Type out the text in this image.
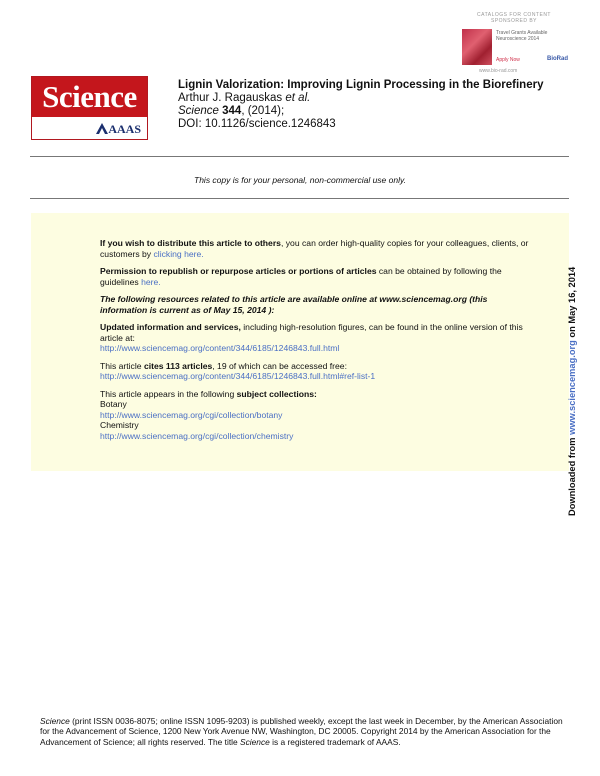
CATALOGS FOR CONTENT
SPONSORED BY
Travel Grants Available
Neuroscience 2014
Apply Now	BioRad
www.bio-rad.com
Science
AAAS
Lignin Valorization: Improving Lignin Processing in the Biorefinery
Arthur J. Ragauskas et al.
Science 344, (2014);
DOI: 10.1126/science.1246843
This copy is for your personal, non-commercial use only.
If you wish to distribute this article to others, you can order high-quality copies for your colleagues, clients, or customers by clicking here.
Permission to republish or repurpose articles or portions of articles can be obtained by following the guidelines here.
The following resources related to this article are available online at www.sciencemag.org (this information is current as of May 15, 2014 ):
Updated information and services, including high-resolution figures, can be found in the online version of this article at:
http://www.sciencemag.org/content/344/6185/1246843.full.html
This article cites 113 articles, 19 of which can be accessed free:
http://www.sciencemag.org/content/344/6185/1246843.full.html#ref-list-1
This article appears in the following subject collections:
Botany
http://www.sciencemag.org/cgi/collection/botany
Chemistry
http://www.sciencemag.org/cgi/collection/chemistry	Downloaded from www.sciencemag.org on May 16, 2014
Science (print ISSN 0036-8075; online ISSN 1095-9203) is published weekly, except the last week in December, by the American Association for the Advancement of Science, 1200 New York Avenue NW, Washington, DC 20005. Copyright 2014 by the American Association for the Advancement of Science; all rights reserved. The title Science is a registered trademark of AAAS.
